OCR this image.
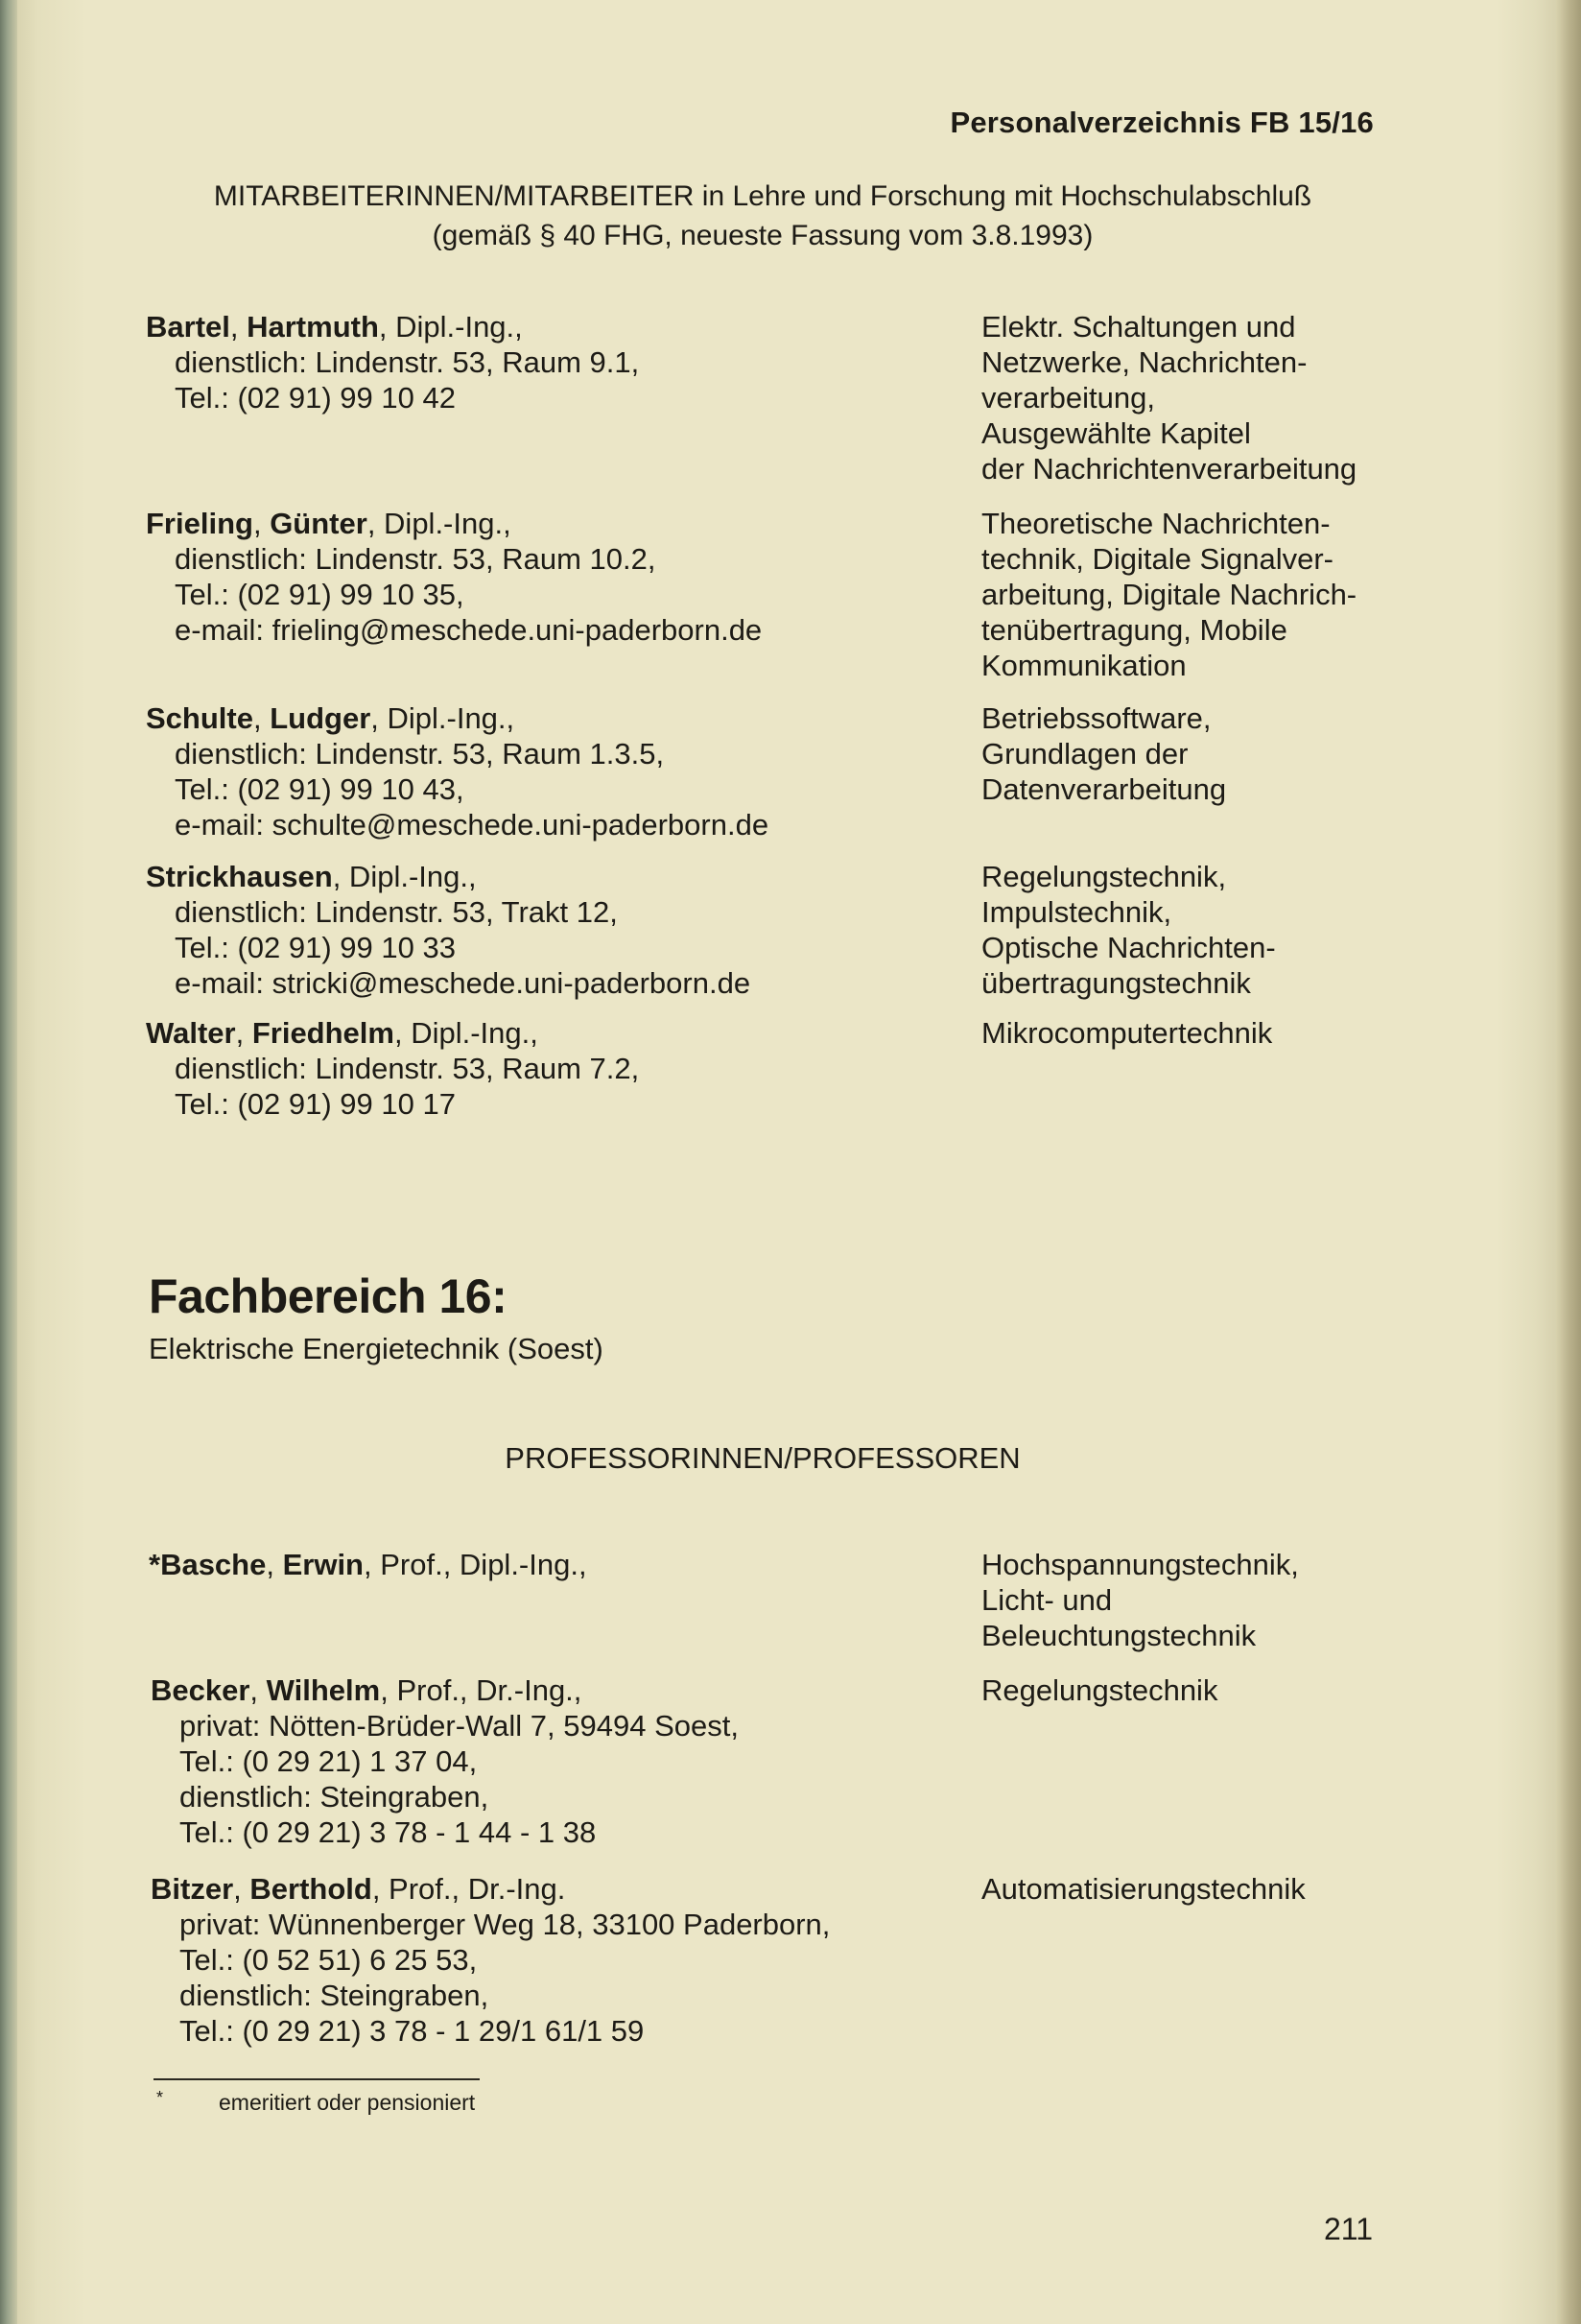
Personalverzeichnis FB 15/16
MITARBEITERINNEN/MITARBEITER in Lehre und Forschung mit Hochschulabschluß
(gemäß § 40 FHG, neueste Fassung vom 3.8.1993)
Bartel, Hartmuth, Dipl.-Ing.,
dienstlich: Lindenstr. 53, Raum 9.1,
Tel.: (02 91) 99 10 42
Elektr. Schaltungen und
Netzwerke, Nachrichten-
verarbeitung,
Ausgewählte Kapitel
der Nachrichtenverarbeitung
Frieling, Günter, Dipl.-Ing.,
dienstlich: Lindenstr. 53, Raum 10.2,
Tel.: (02 91) 99 10 35,
e-mail: frieling@meschede.uni-paderborn.de
Theoretische Nachrichten-
technik, Digitale Signalver-
arbeitung, Digitale Nachrich-
tenübertragung, Mobile
Kommunikation
Schulte, Ludger, Dipl.-Ing.,
dienstlich: Lindenstr. 53, Raum 1.3.5,
Tel.: (02 91) 99 10 43,
e-mail: schulte@meschede.uni-paderborn.de
Betriebssoftware,
Grundlagen der
Datenverarbeitung
Strickhausen, Dipl.-Ing.,
dienstlich: Lindenstr. 53, Trakt 12,
Tel.: (02 91) 99 10 33
e-mail: stricki@meschede.uni-paderborn.de
Regelungstechnik,
Impulstechnik,
Optische Nachrichten-
übertragungstechnik
Walter, Friedhelm, Dipl.-Ing.,
dienstlich: Lindenstr. 53, Raum 7.2,
Tel.: (02 91) 99 10 17
Mikrocomputertechnik
Fachbereich 16:
Elektrische Energietechnik (Soest)
PROFESSORINNEN/PROFESSOREN
*Basche, Erwin, Prof., Dipl.-Ing.,	Hochspannungstechnik,
Licht- und
Beleuchtungstechnik
Becker, Wilhelm, Prof., Dr.-Ing.,
privat: Nötten-Brüder-Wall 7, 59494 Soest,
Tel.: (0 29 21) 1 37 04,
dienstlich: Steingraben,
Tel.: (0 29 21) 3 78 - 1 44 - 1 38
Regelungstechnik
Bitzer, Berthold, Prof., Dr.-Ing.
privat: Wünnenberger Weg 18, 33100 Paderborn,
Tel.: (0 52 51) 6 25 53,
dienstlich: Steingraben,
Tel.: (0 29 21) 3 78 - 1 29/1 61/1 59
Automatisierungstechnik
*	emeritiert oder pensioniert
211
